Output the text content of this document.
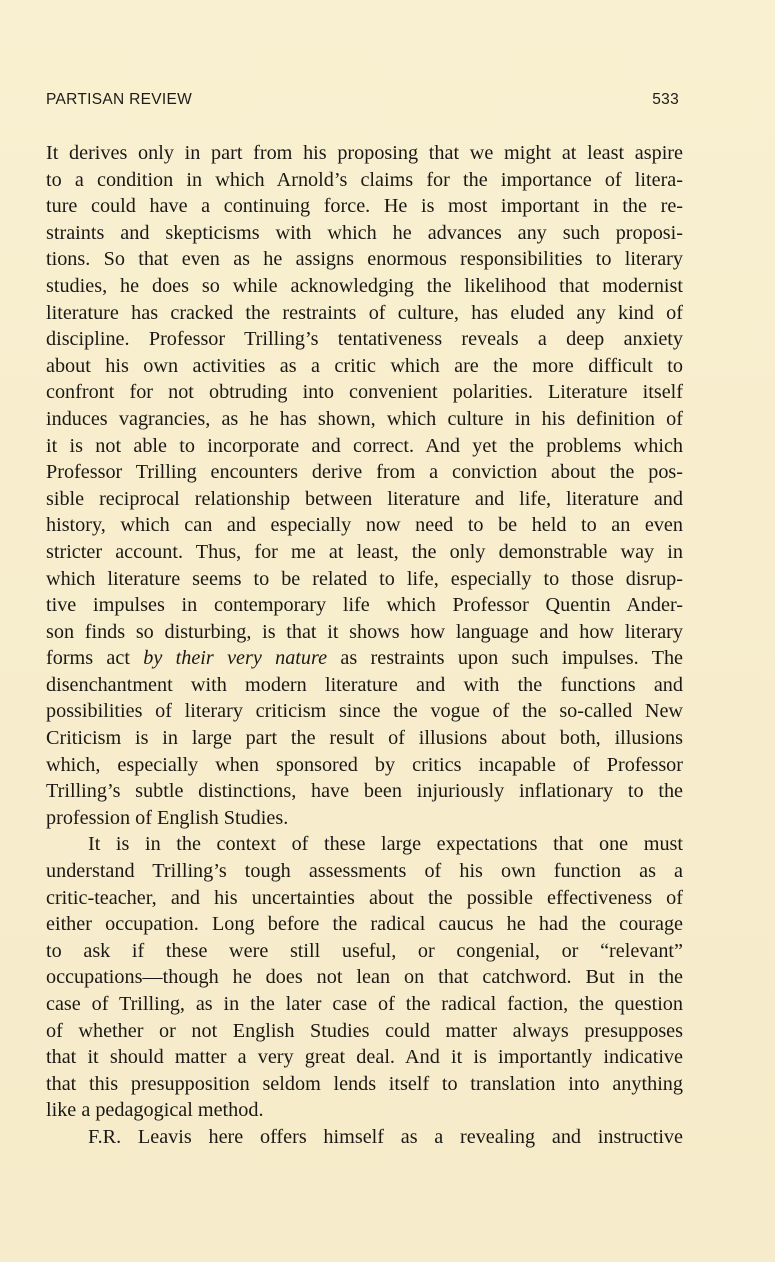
PARTISAN REVIEW	533
It derives only in part from his proposing that we might at least aspire
to a condition in which Arnold’s claims for the importance of litera-
ture could have a continuing force. He is most important in the re-
straints and skepticisms with which he advances any such proposi-
tions. So that even as he assigns enormous responsibilities to literary
studies, he does so while acknowledging the likelihood that modernist
literature has cracked the restraints of culture, has eluded any kind of
discipline. Professor Trilling’s tentativeness reveals a deep anxiety
about his own activities as a critic which are the more difficult to
confront for not obtruding into convenient polarities. Literature itself
induces vagrancies, as he has shown, which culture in his definition of
it is not able to incorporate and correct. And yet the problems which
Professor Trilling encounters derive from a conviction about the pos-
sible reciprocal relationship between literature and life, literature and
history, which can and especially now need to be held to an even
stricter account. Thus, for me at least, the only demonstrable way in
which literature seems to be related to life, especially to those disrup-
tive impulses in contemporary life which Professor Quentin Ander-
son finds so disturbing, is that it shows how language and how literary
forms act by their very nature as restraints upon such impulses. The
disenchantment with modern literature and with the functions and
possibilities of literary criticism since the vogue of the so-called New
Criticism is in large part the result of illusions about both, illusions
which, especially when sponsored by critics incapable of Professor
Trilling’s subtle distinctions, have been injuriously inflationary to the
profession of English Studies.
It is in the context of these large expectations that one must
understand Trilling’s tough assessments of his own function as a
critic-teacher, and his uncertainties about the possible effectiveness of
either occupation. Long before the radical caucus he had the courage
to ask if these were still useful, or congenial, or “relevant”
occupations—though he does not lean on that catchword. But in the
case of Trilling, as in the later case of the radical faction, the question
of whether or not English Studies could matter always presupposes
that it should matter a very great deal. And it is importantly indicative
that this presupposition seldom lends itself to translation into anything
like a pedagogical method.
F.R. Leavis here offers himself as a revealing and instructive
